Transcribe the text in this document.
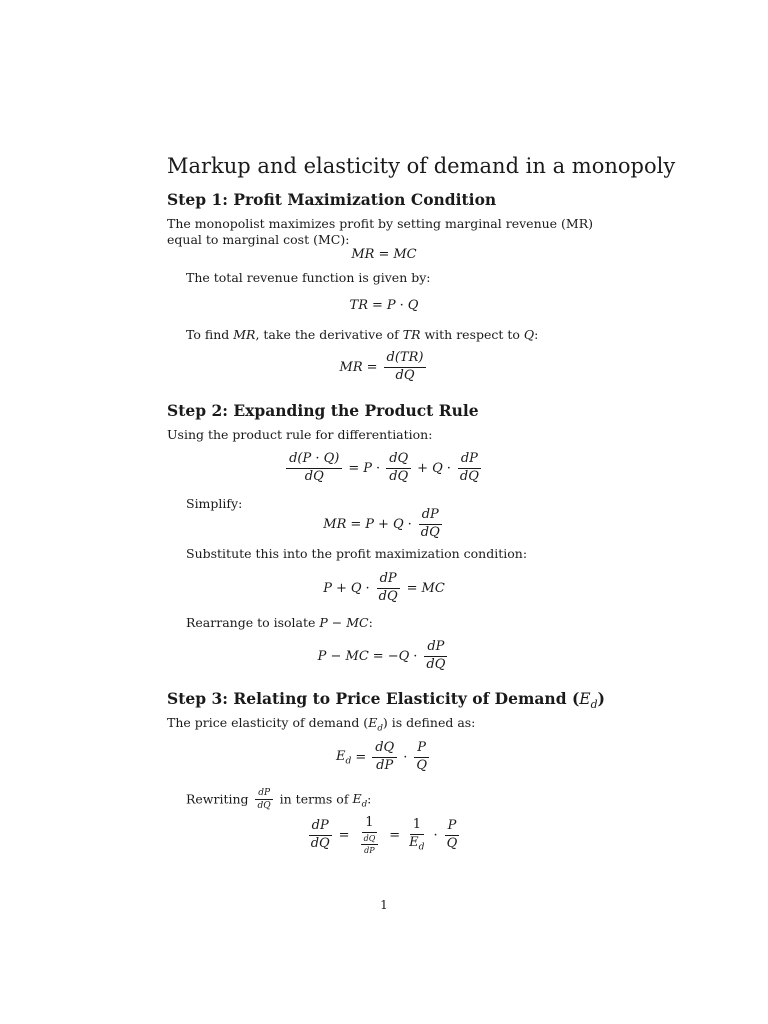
Markup and elasticity of demand in a monopoly
Step 1: Profit Maximization Condition

The monopolist maximizes profit by setting marginal revenue (MR) equal to marginal cost (MC):

MR = MC

The total revenue function is given by:

TR = P · Q

To find MR, take the derivative of TR with respect to Q:

MR = $\frac{d(TR)}{dQ}$
Step 2: Expanding the Product Rule

Using the product rule for differentiation:

$\frac{d(P \cdot Q)}{dQ} = P \cdot \frac{dQ}{dQ} + Q \cdot \frac{dP}{dQ}$

Simplify:

MR = $P + Q \cdot \frac{dP}{dQ}$

Substitute this into the profit maximization condition:

$P + Q \cdot \frac{dP}{dQ}$ = MC

Rearrange to isolate P − MC:

P − MC = $-Q \cdot \frac{dP}{dQ}$
Step 3: Relating to Price Elasticity of Demand $(E_d)$

The price elasticity of demand $(E_d)$ is defined as:

$E_d = \frac{dQ}{dP} \cdot \frac{P}{Q}$

Rewriting $\frac{dP}{dQ}$ in terms of $E_d$:

$\frac{dP}{dQ} = \frac{1}{\frac{dQ}{dP}} = \frac{1}{E_d} \cdot \frac{P}{Q}$
1
